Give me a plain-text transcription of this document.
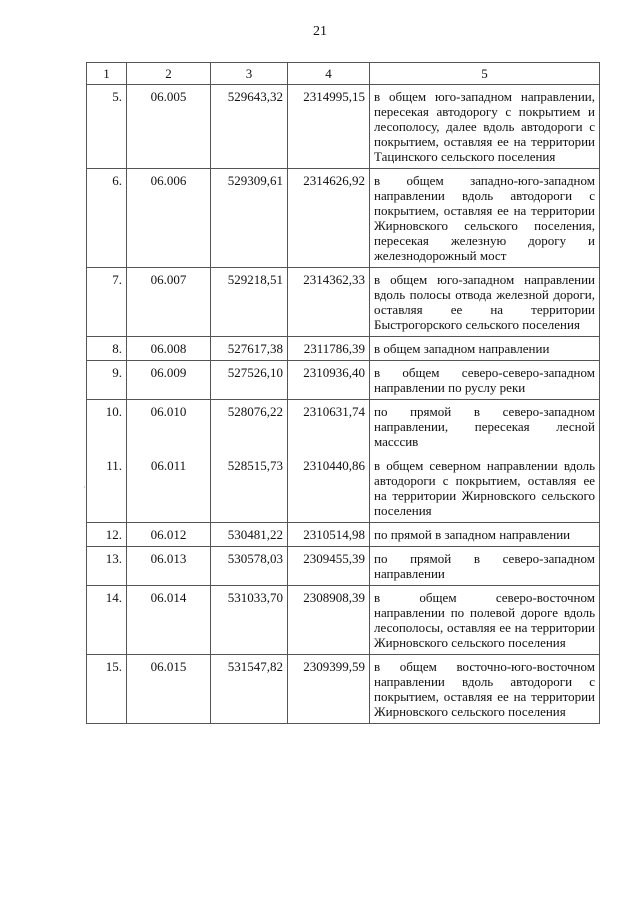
21
1	2	3	4	5
5.	06.005	529643,32	2314995,15	в общем юго-западном направлении, пересекая автодорогу с покрытием и лесополосу, далее вдоль автодороги с покрытием, оставляя ее на территории Тацинского сельского поселения
6.	06.006	529309,61	2314626,92	в общем западно-юго-западном направлении вдоль автодороги с покрытием, оставляя ее на территории Жирновского сельского поселения, пересекая железную дорогу и железнодорожный мост
7.	06.007	529218,51	2314362,33	в общем юго-западном направлении вдоль полосы отвода железной дороги, оставляя ее на территории Быстрогорского сельского поселения
8.	06.008	527617,38	2311786,39	в общем западном направлении
9.	06.009	527526,10	2310936,40	в общем северо-северо-западном направлении по руслу реки
10.	06.010	528076,22	2310631,74	по прямой в северо-западном направлении, пересекая лесной масссив
11.	06.011	528515,73	2310440,86	в общем северном направлении вдоль автодороги с покрытием, оставляя ее на территории Жирновского сельского поселения
12.	06.012	530481,22	2310514,98	по прямой в западном направлении
13.	06.013	530578,03	2309455,39	по прямой в северо-западном направлении
14.	06.014	531033,70	2308908,39	в общем северо-восточном направлении по полевой дороге вдоль лесополосы, оставляя ее на территории Жирновского сельского поселения
15.	06.015	531547,82	2309399,59	в общем восточно-юго-восточном направлении вдоль автодороги с покрытием, оставляя ее на территории Жирновского сельского поселения
·
